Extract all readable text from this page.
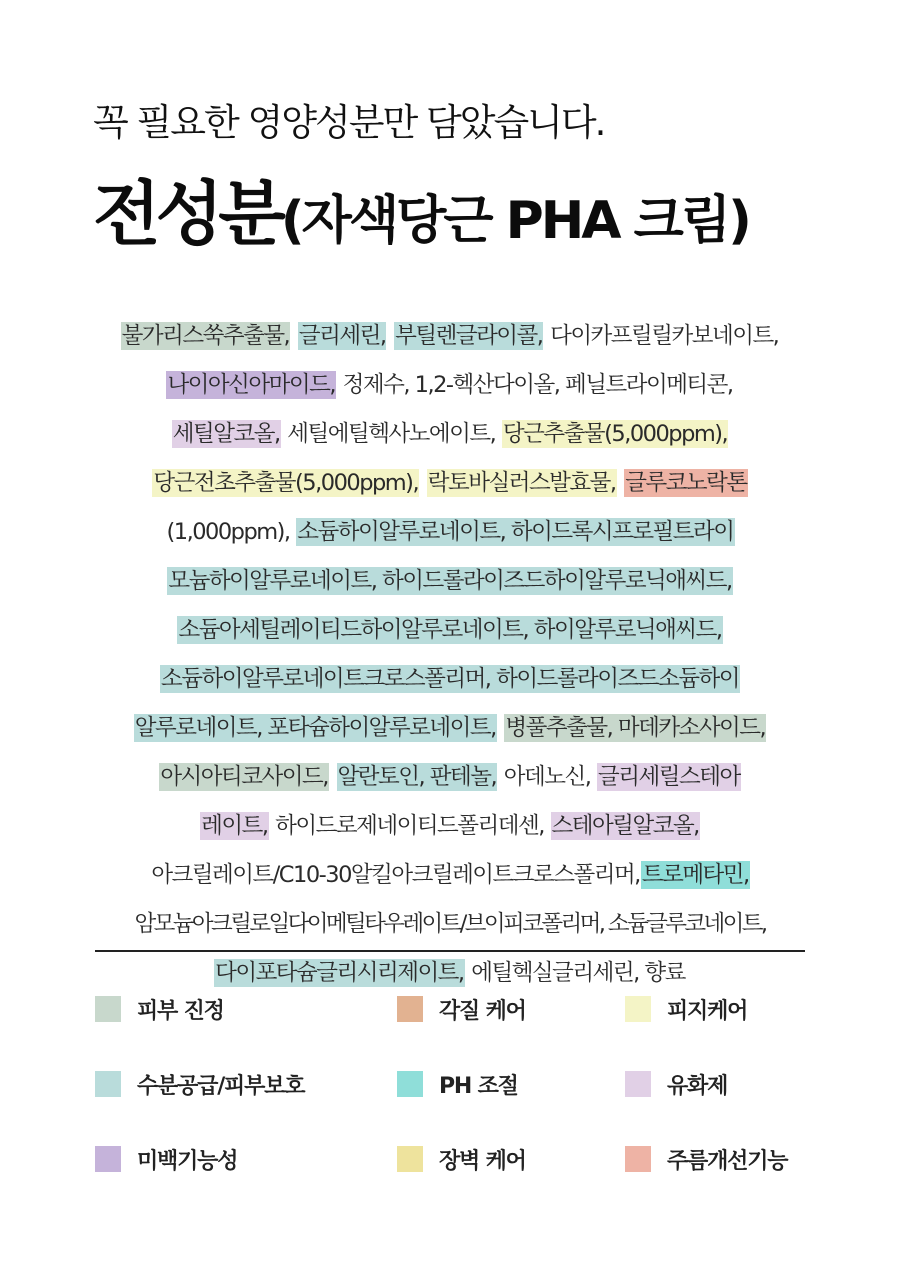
꼭 필요한 영양성분만 담았습니다.
전성분(자색당근 PHA 크림)
불가리스쑥추출물, 글리세린, 부틸렌글라이콜, 다이카프릴릴카보네이트,
나이아신아마이드, 정제수, 1,2-헥산다이올, 페닐트라이메티콘,
세틸알코올, 세틸에틸헥사노에이트, 당근추출물(5,000ppm),
당근전초추출물(5,000ppm), 락토바실러스발효물, 글루코노락톤
(1,000ppm), 소듐하이알루로네이트, 하이드록시프로필트라이
모늄하이알루로네이트, 하이드롤라이즈드하이알루로닉애씨드,
소듐아세틸레이티드하이알루로네이트, 하이알루로닉애씨드,
소듐하이알루로네이트크로스폴리머, 하이드롤라이즈드소듐하이
알루로네이트, 포타슘하이알루로네이트, 병풀추출물, 마데카소사이드,
아시아티코사이드, 알란토인, 판테놀, 아데노신, 글리세릴스테아
레이트, 하이드로제네이티드폴리데센, 스테아릴알코올,
아크릴레이트/C10-30알킬아크릴레이트크로스폴리머,트로메타민,
암모늄아크릴로일다이메틸타우레이트/브이피코폴리머, 소듐글루코네이트,
다이포타슘글리시리제이트, 에틸헥실글리세린, 향료
피부 진정	각질 케어	피지케어
수분공급/피부보호	PH 조절	유화제
미백기능성	장벽 케어	주름개선기능
